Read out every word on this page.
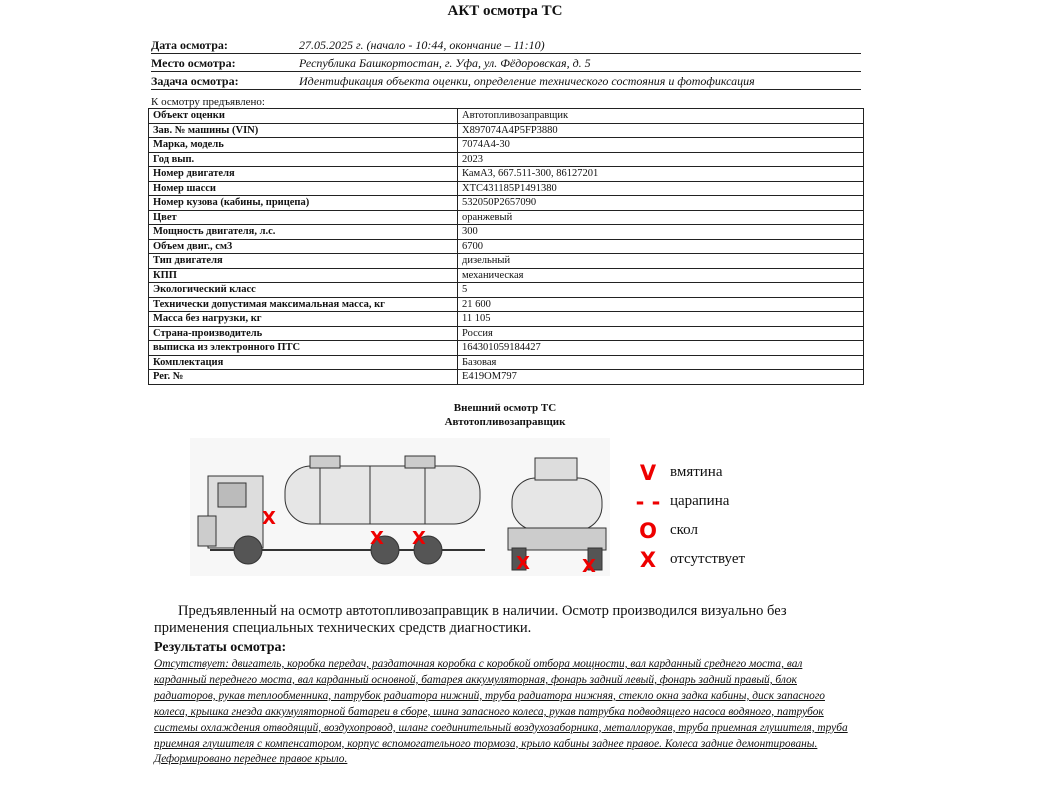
АКТ осмотра ТС
Дата осмотра:	27.05.2025 г. (начало - 10:44, окончание – 11:10)
Место осмотра:	Республика Башкортостан, г. Уфа, ул. Фёдоровская, д. 5
Задача осмотра:	Идентификация объекта оценки, определение технического состояния и фотофиксация
К осмотру предъявлено:
Объект оценки	Автотопливозаправщик
Зав. № машины (VIN)	X897074A4P5FP3880
Марка, модель	7074A4-30
Год вып.	2023
Номер двигателя	КамАЗ, 667.511-300, 86127201
Номер шасси	XTC431185P1491380
Номер кузова (кабины, прицепа)	532050P2657090
Цвет	оранжевый
Мощность двигателя, л.с.	300
Объем двиг., см3	6700
Тип двигателя	дизельный
КПП	механическая
Экологический класс	5
Технически допустимая максимальная масса, кг	21 600
Масса без нагрузки, кг	11 105
Страна-производитель	Россия
выписка из электронного ПТС	164301059184427
Комплектация	Базовая
Рег. №	Е419ОМ797
Внешний осмотр ТС
Автотопливозаправщик
X
X X
X	X
V вмятина
- - царапина
O скол
X отсутствует
Предъявленный на осмотр автотопливозаправщик в наличии. Осмотр производился визуально без применения специальных технических средств диагностики.
Результаты осмотра:
Отсутствует: двигатель, коробка передач, раздаточная коробка с коробкой отбора мощности, вал карданный среднего моста, вал карданный переднего моста, вал карданный основной, батарея аккумуляторная, фонарь задний левый, фонарь задний правый, блок радиаторов, рукав теплообменника, патрубок радиатора нижний, труба радиатора нижняя, стекло окна задка кабины, диск запасного колеса, крышка гнезда аккумуляторной батареи в сборе, шина запасного колеса, рукав патрубка подводящего насоса водяного, патрубок системы охлаждения отводящий, воздухопровод, шланг соединительный воздухозаборника, металлорукав, труба приемная глушителя, труба приемная глушителя с компенсатором, корпус вспомогательного тормоза, крыло кабины заднее правое. Колеса задние демонтированы. Деформировано переднее правое крыло.
